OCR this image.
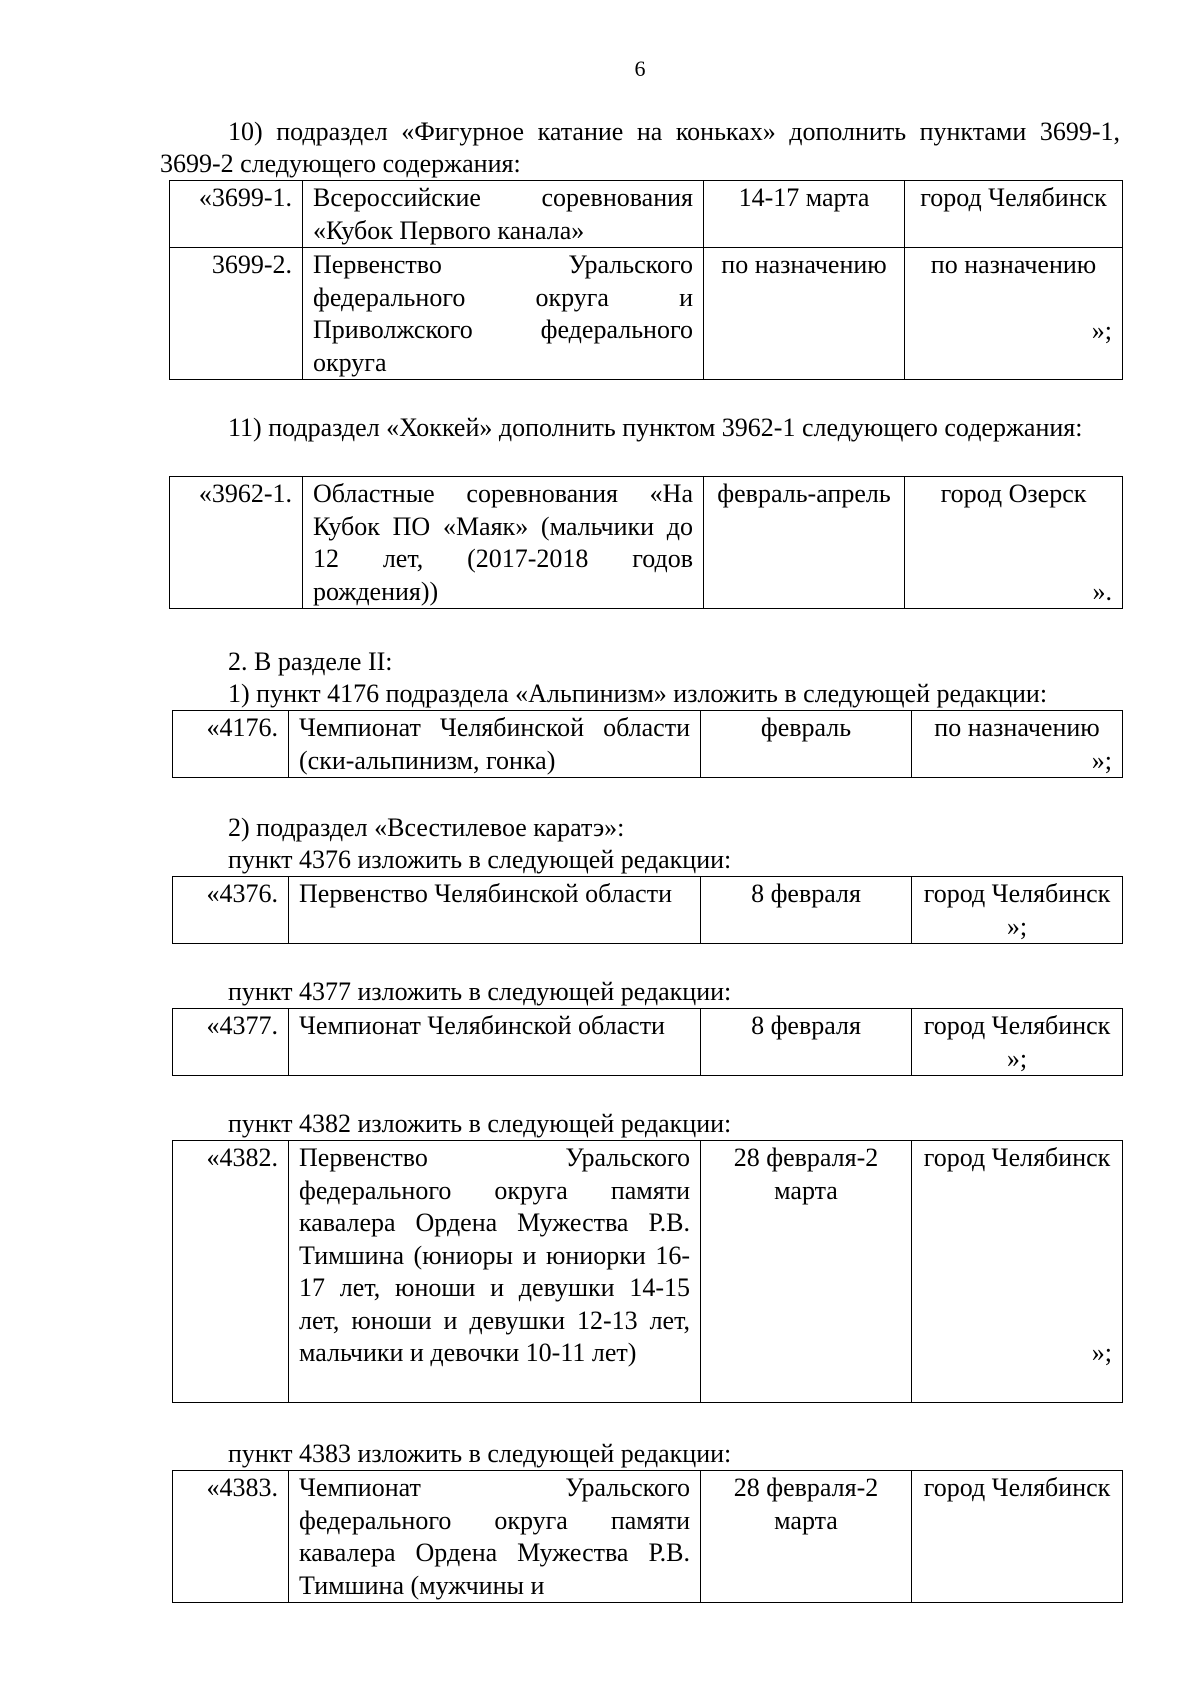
6

10) подраздел «Фигурное катание на коньках» дополнить пунктами 3699-1, 3699-2 следующего содержания:

«3699-1.	Всероссийские соревнования «Кубок Первого канала»	14-17 марта	город Челябинск
3699-2.	Первенство Уральского федерального округа и Приволжского федерального округа	по назначению	по назначению
»;

11) подраздел «Хоккей» дополнить пунктом 3962-1 следующего содержания:

«3962-1.	Областные соревнования «На Кубок ПО «Маяк» (мальчики до 12 лет, (2017-2018 годов рождения))	февраль-апрель	город Озерск
».

2. В разделе II:

1) пункт 4176 подраздела «Альпинизм» изложить в следующей редакции:

«4176.	Чемпионат Челябинской области (ски-альпинизм, гонка)	февраль	по назначению
»;

2) подраздел «Всестилевое каратэ»:

пункт 4376 изложить в следующей редакции:

«4376.	Первенство Челябинской области	8 февраля	город Челябинск »;

пункт 4377 изложить в следующей редакции:

«4377.	Чемпионат Челябинской области	8 февраля	город Челябинск »;

пункт 4382 изложить в следующей редакции:

«4382.	Первенство Уральского федерального округа памяти кавалера Ордена Мужества Р.В. Тимшина (юниоры и юниорки 16-17 лет, юноши и девушки 14-15 лет, юноши и девушки 12-13 лет, мальчики и девочки 10-11 лет)	28 февраля-2 марта	город Челябинск
»;

пункт 4383 изложить в следующей редакции:

«4383.	Чемпионат Уральского федерального округа памяти кавалера Ордена Мужества Р.В. Тимшина (мужчины и	28 февраля-2 марта	город Челябинск
